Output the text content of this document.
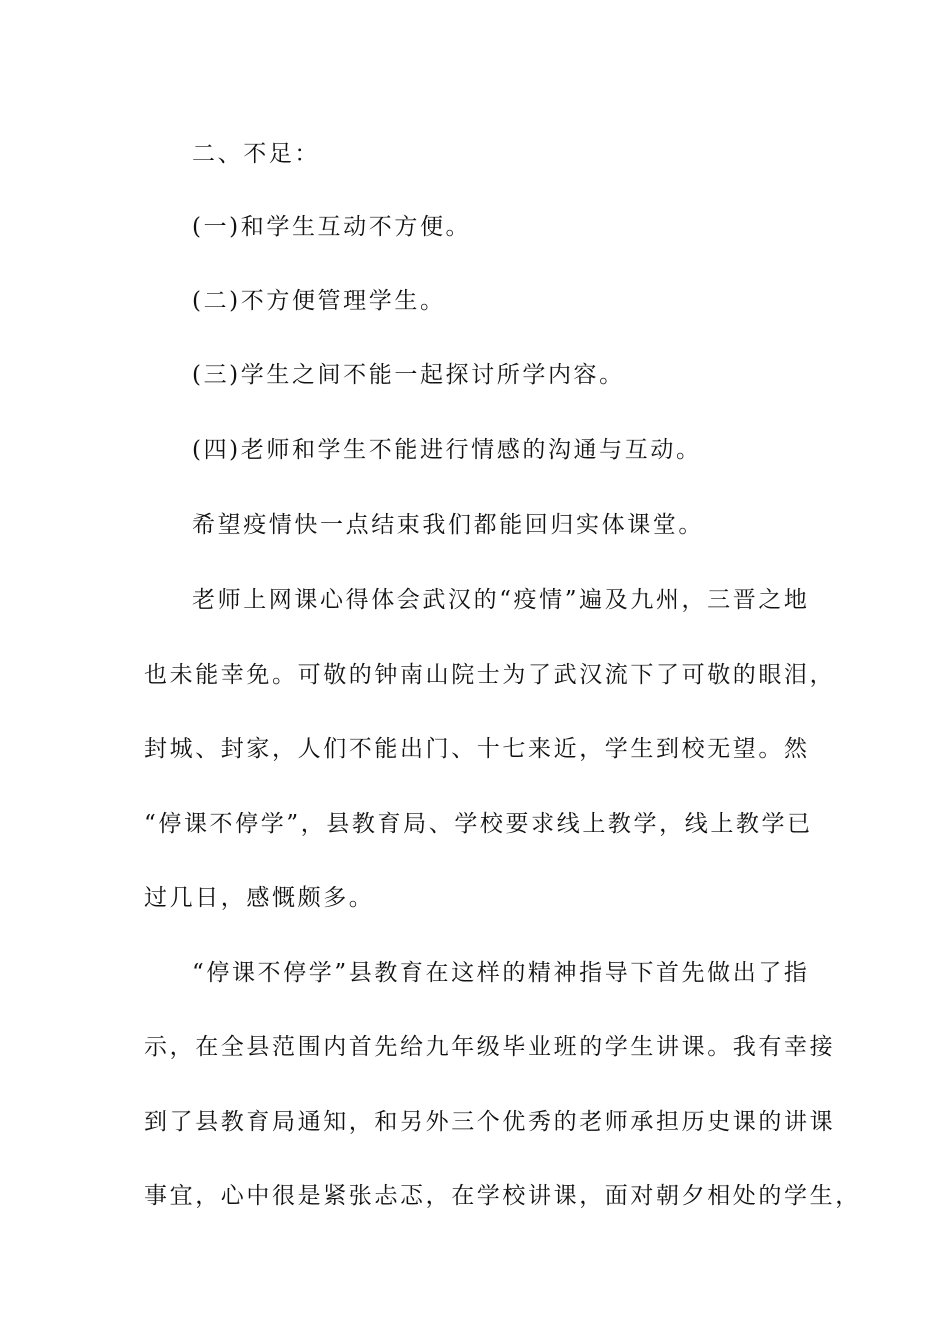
二、不足：
(一)和学生互动不方便。
(二)不方便管理学生。
(三)学生之间不能一起探讨所学内容。
(四)老师和学生不能进行情感的沟通与互动。
希望疫情快一点结束我们都能回归实体课堂。
老师上网课心得体会武汉的“疫情”遍及九州，三晋之地
也未能幸免。可敬的钟南山院士为了武汉流下了可敬的眼泪，
封城、封家，人们不能出门、十七来近，学生到校无望。然
“停课不停学”，县教育局、学校要求线上教学，线上教学已
过几日，感慨颇多。
“停课不停学”县教育在这样的精神指导下首先做出了指
示，在全县范围内首先给九年级毕业班的学生讲课。我有幸接
到了县教育局通知，和另外三个优秀的老师承担历史课的讲课
事宜，心中很是紧张忐忑，在学校讲课，面对朝夕相处的学生，
